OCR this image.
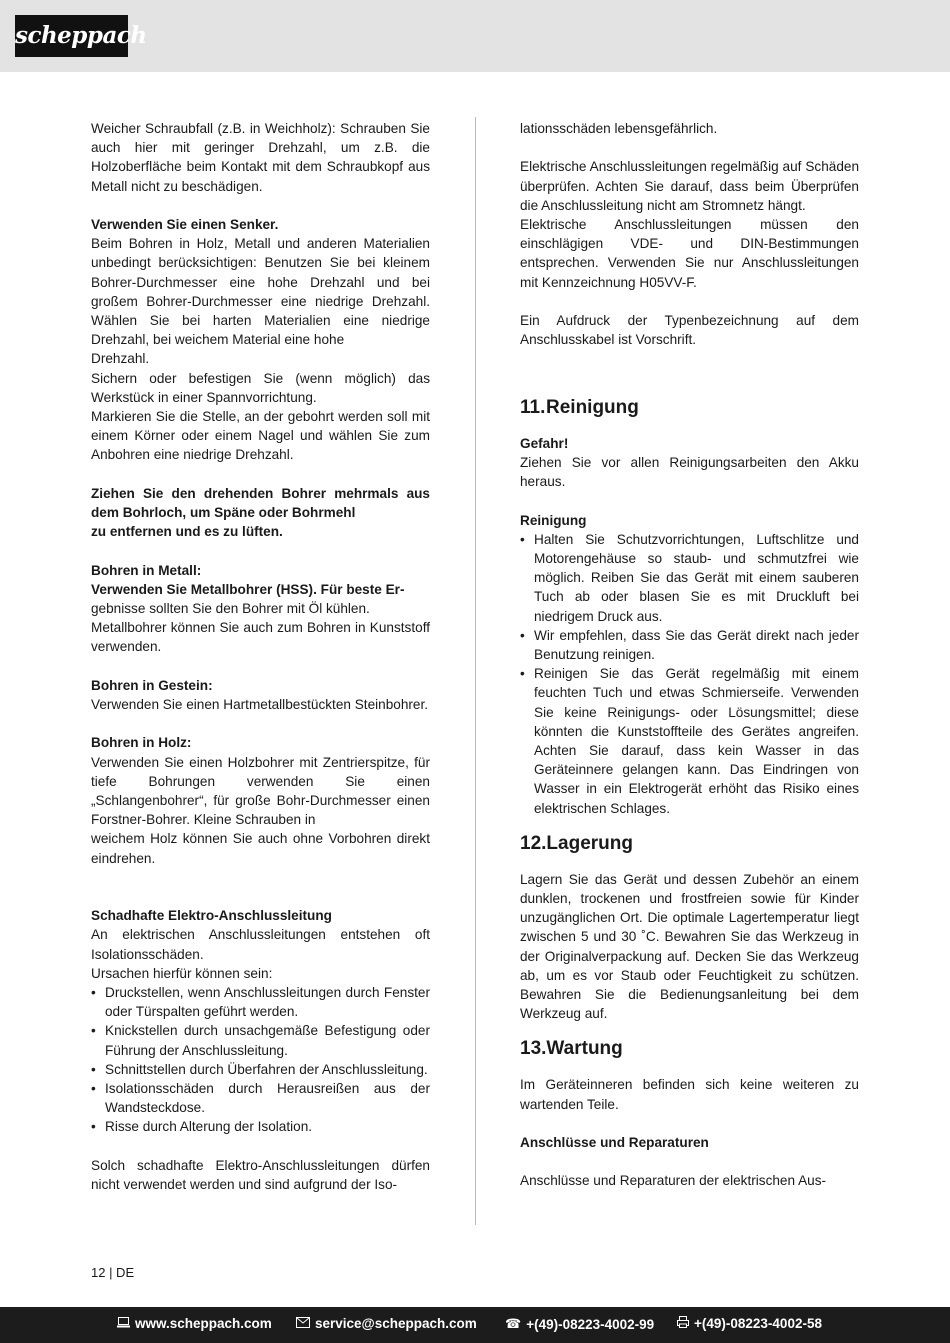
scheppach

Weicher Schraubfall (z.B. in Weichholz): Schrauben Sie auch hier mit geringer Drehzahl, um z.B. die Holzoberfläche beim Kontakt mit dem Schraubkopf aus Metall nicht zu beschädigen.

Verwenden Sie einen Senker.

Beim Bohren in Holz, Metall und anderen Materialien unbedingt berücksichtigen: Benutzen Sie bei kleinem Bohrer-Durchmesser eine hohe Drehzahl und bei großem Bohrer-Durchmesser eine niedrige Drehzahl. Wählen Sie bei harten Materialien eine niedrige Drehzahl, bei weichem Material eine hohe

Drehzahl.

Sichern oder befestigen Sie (wenn möglich) das Werkstück in einer Spannvorrichtung.

Markieren Sie die Stelle, an der gebohrt werden soll mit einem Körner oder einem Nagel und wählen Sie zum Anbohren eine niedrige Drehzahl.

Ziehen Sie den drehenden Bohrer mehrmals aus dem Bohrloch, um Späne oder Bohrmehl

zu entfernen und es zu lüften.

Bohren in Metall:

Verwenden Sie Metallbohrer (HSS). Für beste Er-

gebnisse sollten Sie den Bohrer mit Öl kühlen.

Metallbohrer können Sie auch zum Bohren in Kunststoff verwenden.

Bohren in Gestein:

Verwenden Sie einen Hartmetallbestückten Steinbohrer.

Bohren in Holz:

Verwenden Sie einen Holzbohrer mit Zentrierspitze, für tiefe Bohrungen verwenden Sie einen „Schlangenbohrer“, für große Bohr-Durchmesser einen Forstner-Bohrer. Kleine Schrauben in

weichem Holz können Sie auch ohne Vorbohren direkt eindrehen.

Schadhafte Elektro-Anschlussleitung

An elektrischen Anschlussleitungen entstehen oft Isolationsschäden.

Ursachen hierfür können sein:

• Druckstellen, wenn Anschlussleitungen durch Fenster oder Türspalten geführt werden.
• Knickstellen durch unsachgemäße Befestigung oder Führung der Anschlussleitung.
• Schnittstellen durch Überfahren der Anschlussleitung.
• Isolationsschäden durch Herausreißen aus der Wandsteckdose.
• Risse durch Alterung der Isolation.

Solch schadhafte Elektro-Anschlussleitungen dürfen nicht verwendet werden und sind aufgrund der Iso-

lationsschäden lebensgefährlich.

Elektrische Anschlussleitungen regelmäßig auf Schäden überprüfen. Achten Sie darauf, dass beim Überprüfen die Anschlussleitung nicht am Stromnetz hängt.

Elektrische Anschlussleitungen müssen den einschlägigen VDE- und DIN-Bestimmungen entsprechen. Verwenden Sie nur Anschlussleitungen mit Kennzeichnung H05VV-F.

Ein Aufdruck der Typenbezeichnung auf dem Anschlusskabel ist Vorschrift.

11.Reinigung

Gefahr!

Ziehen Sie vor allen Reinigungsarbeiten den Akku heraus.

Reinigung

• Halten Sie Schutzvorrichtungen, Luftschlitze und Motorengehäuse so staub- und schmutzfrei wie möglich. Reiben Sie das Gerät mit einem sauberen Tuch ab oder blasen Sie es mit Druckluft bei niedrigem Druck aus.
• Wir empfehlen, dass Sie das Gerät direkt nach jeder Benutzung reinigen.
• Reinigen Sie das Gerät regelmäßig mit einem feuchten Tuch und etwas Schmierseife. Verwenden Sie keine Reinigungs- oder Lösungsmittel; diese könnten die Kunststoffteile des Gerätes angreifen. Achten Sie darauf, dass kein Wasser in das Geräteinnere gelangen kann. Das Eindringen von Wasser in ein Elektrogerät erhöht das Risiko eines elektrischen Schlages.
12.Lagerung

Lagern Sie das Gerät und dessen Zubehör an einem dunklen, trockenen und frostfreien sowie für Kinder unzugänglichen Ort. Die optimale Lagertemperatur liegt zwischen 5 und 30 ˚C. Bewahren Sie das Werkzeug in der Originalverpackung auf. Decken Sie das Werkzeug ab, um es vor Staub oder Feuchtigkeit zu schützen. Bewahren Sie die Bedienungsanleitung bei dem Werkzeug auf.

13.Wartung

Im Geräteinneren befinden sich keine weiteren zu wartenden Teile.

Anschlüsse und Reparaturen

Anschlüsse und Reparaturen der elektrischen Aus-

12 | DE
www.scheppach.com	service@scheppach.com ☎ +(49)-08223-4002-99	+(49)-08223-4002-58
